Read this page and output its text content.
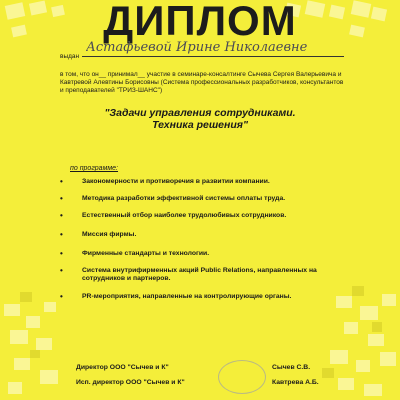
ДИПЛОМ
выдан
Астафьевой Ирине Николаевне
в том, что он__ принимал__ участие в семинаре-консалтинге Сычева Сергея Валерьевича и Кавтревой Алевтины Борисовны (Система профессиональных разработчиков, консультантов и преподавателей "ТРИЗ-ШАНС")
"Задачи управления сотрудниками.
Техника решения"
по программе:
•	Закономерности и противоречия в развитии компании.
•	Методика разработки эффективной системы оплаты труда.
•	Естественный отбор наиболее трудолюбивых сотрудников.
•	Миссия фирмы.
•	Фирменные стандарты и технологии.
•	Система внутрифирменных акций Public Relations, направленных на сотрудников и партнеров.
•	PR-мероприятия, направленные на контролирующие органы.
Директор ООО "Сычев и К"	Сычев С.В.
Исп. директор ООО "Сычев и К"	Кавтрева А.Б.
